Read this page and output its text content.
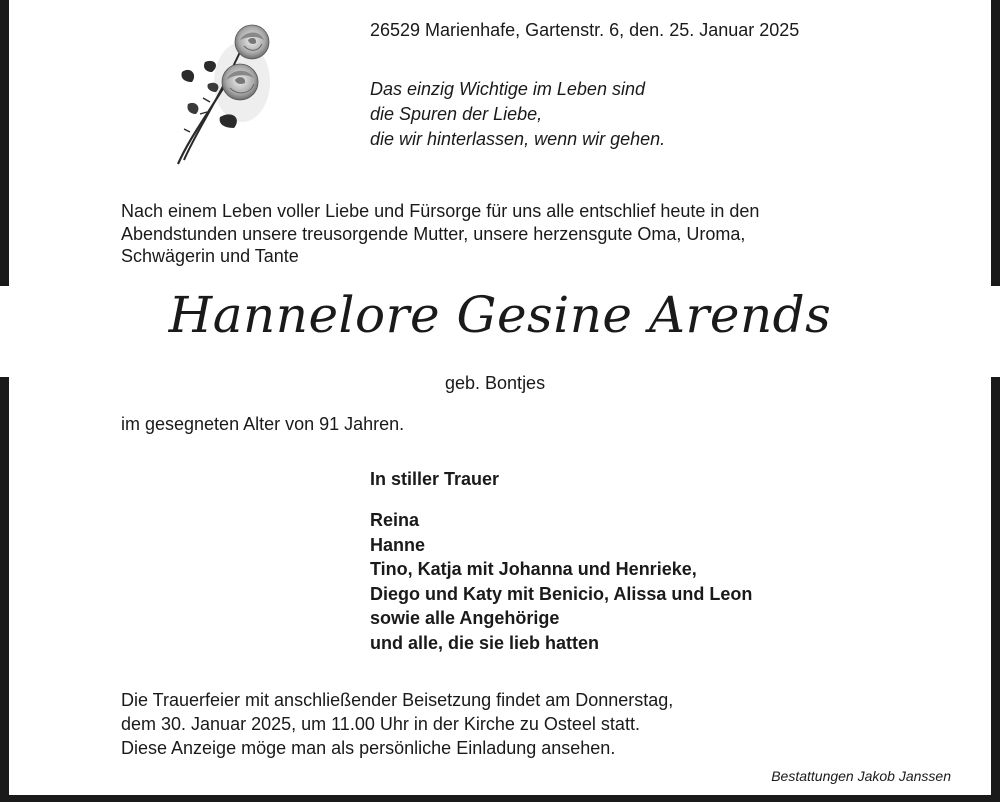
26529 Marienhafe, Gartenstr. 6, den. 25. Januar 2025

Das einzig Wichtige im Leben sind
die Spuren der Liebe,
die wir hinterlassen, wenn wir gehen.

Nach einem Leben voller Liebe und Fürsorge für uns alle entschlief heute in den
Abendstunden unsere treusorgende Mutter, unsere herzensgute Oma, Uroma,
Schwägerin und Tante
Hannelore Gesine Arends
geb. Bontjes
im gesegneten Alter von 91 Jahren.
In stiller Trauer
Reina
Hanne
Tino, Katja mit Johanna und Henrieke,
Diego und Katy mit Benicio, Alissa und Leon
sowie alle Angehörige
und alle, die sie lieb hatten
Die Trauerfeier mit anschließender Beisetzung findet am Donnerstag,
dem 30. Januar 2025, um 11.00 Uhr in der Kirche zu Osteel statt.
Diese Anzeige möge man als persönliche Einladung ansehen.
Bestattungen Jakob Janssen
